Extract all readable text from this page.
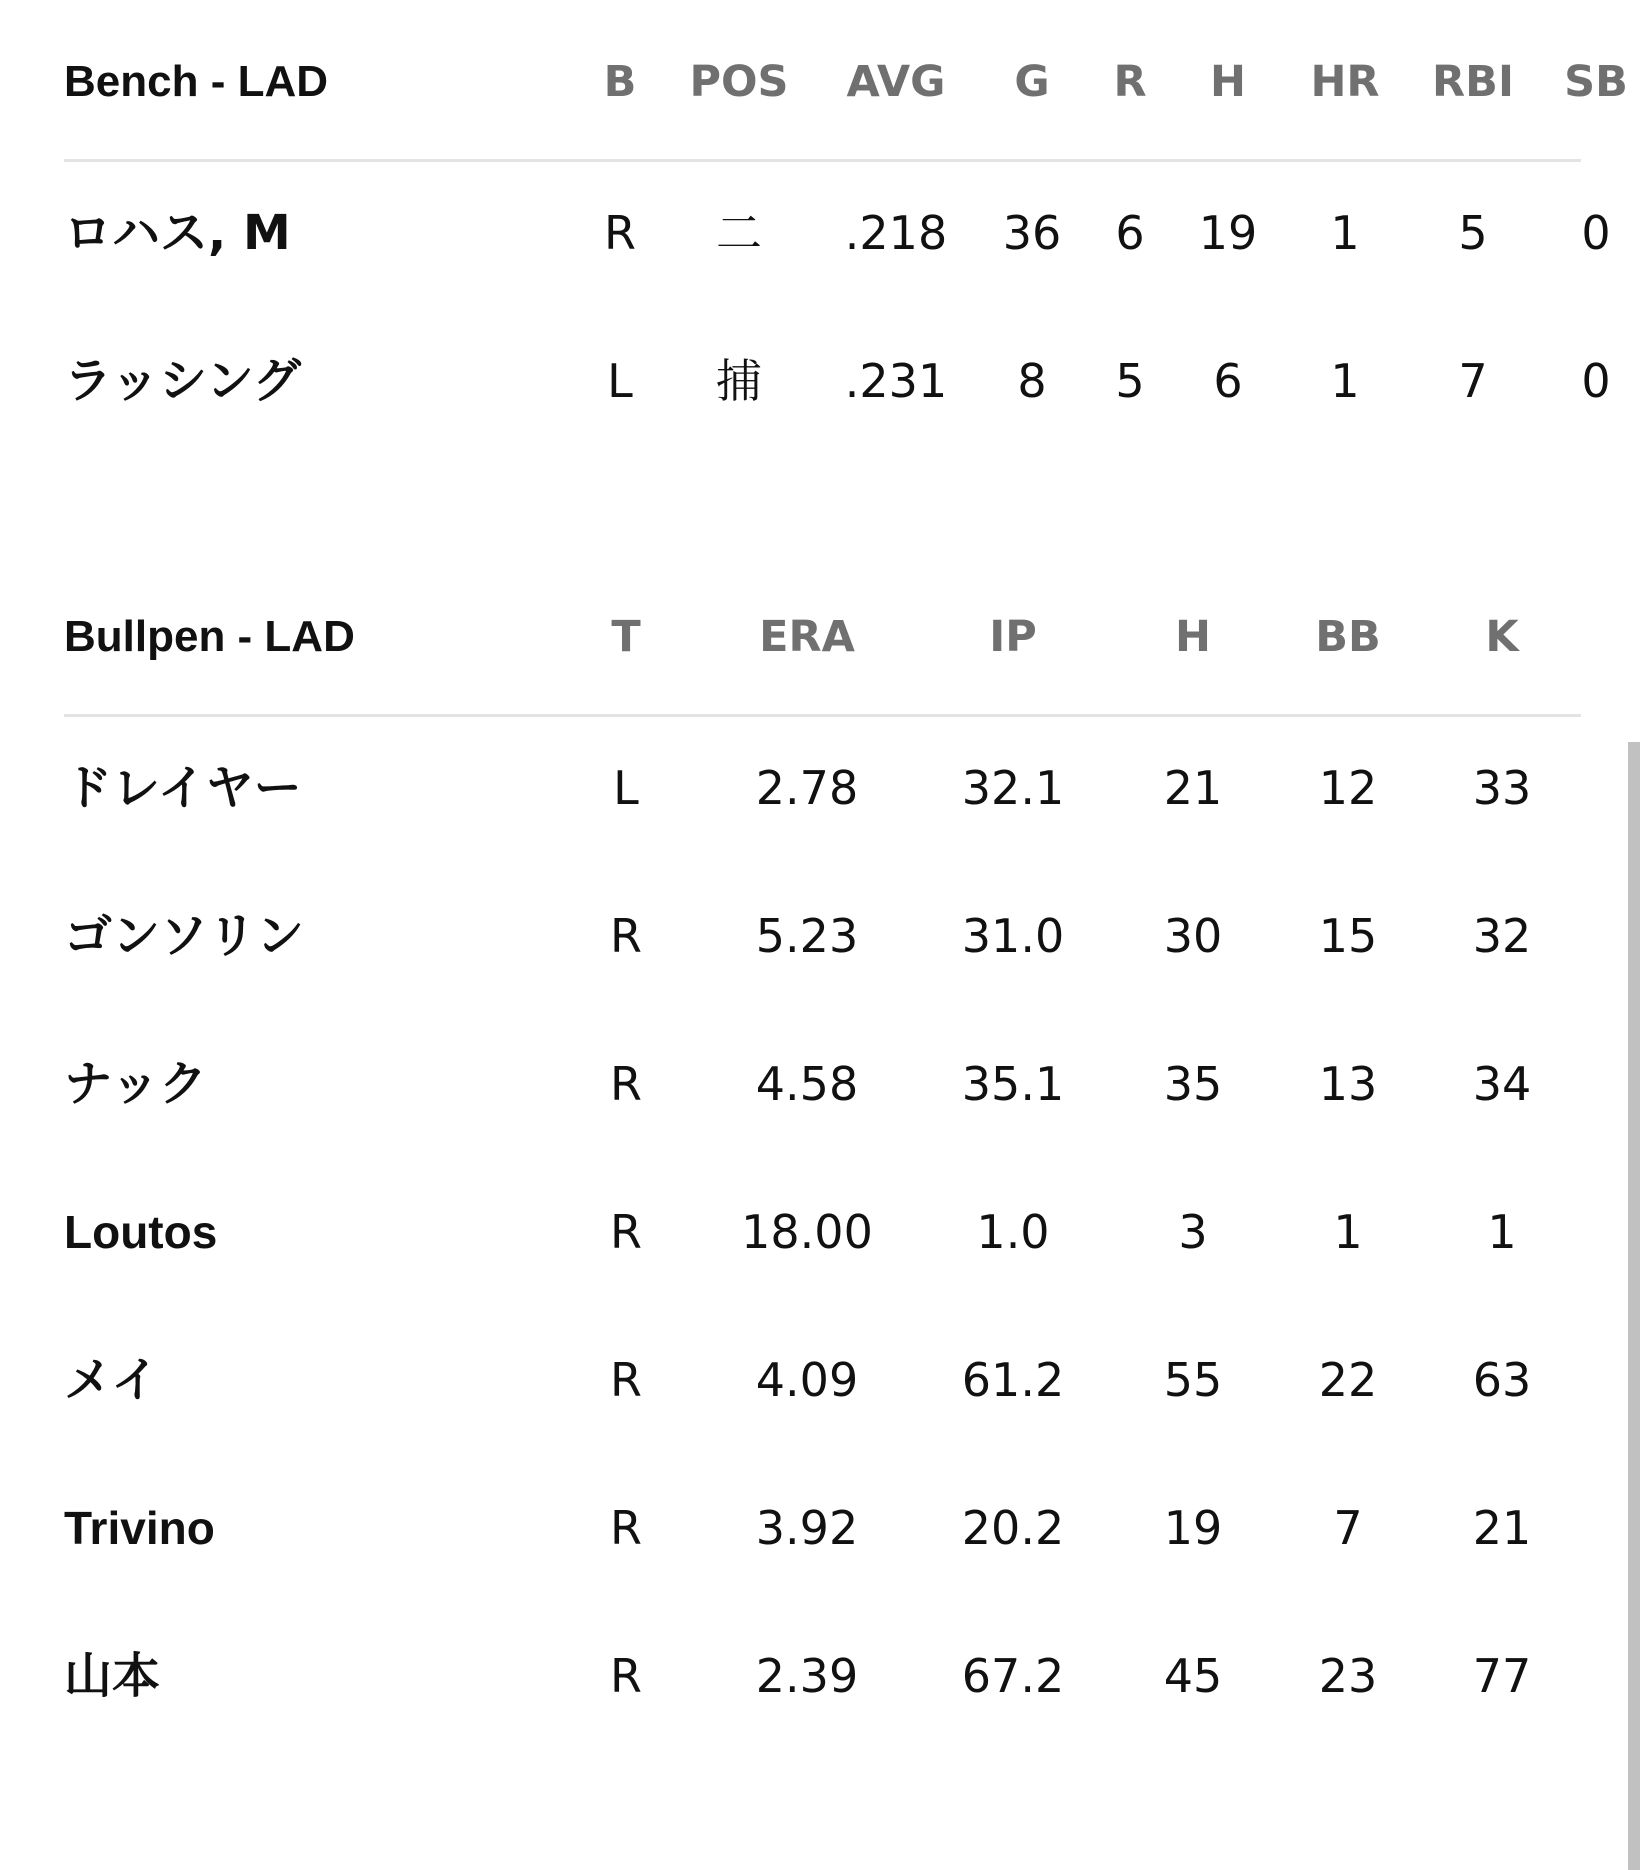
Bench - LAD	B POS AVG G R H HR RBI SB
ロハス, M	R 二 .218 36 6 19 1 5 0
ラッシング	L 捕 .231 8 5 6 1 7 0
Bullpen - LAD	T	ERA	IP	H BB K
ドレイヤー	L	2.78 32.1 21 12 33
ゴンソリン	R 5.23 31.0 30 15 32
ナック	R 4.58 35.1 35 13 34
Loutos	R 18.00 1.0	3	1	1
メイ	R 4.09 61.2 55 22 63
Trivino	R 3.92 20.2 19 7 21
山本	R 2.39 67.2 45 23 77
